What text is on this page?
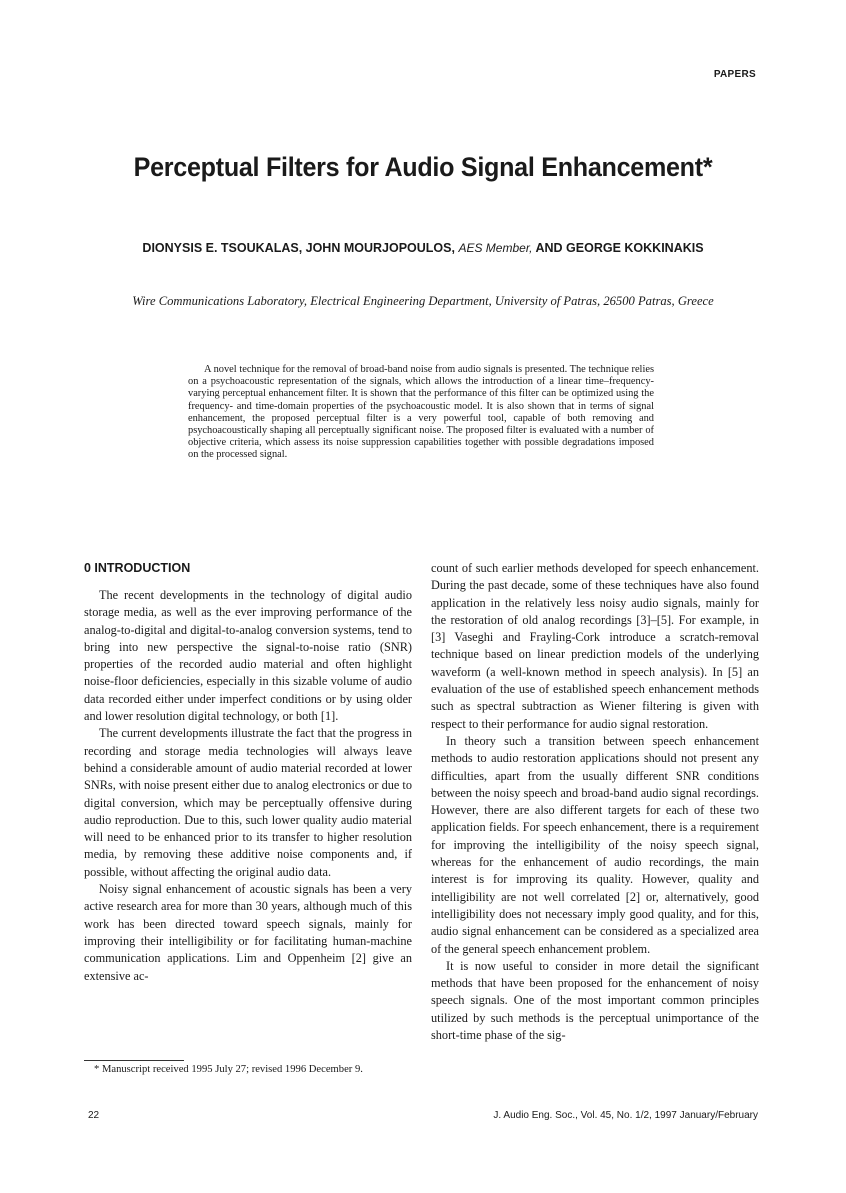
PAPERS
Perceptual Filters for Audio Signal Enhancement*
DIONYSIS E. TSOUKALAS, JOHN MOURJOPOULOS, AES Member, AND GEORGE KOKKINAKIS
Wire Communications Laboratory, Electrical Engineering Department, University of Patras, 26500 Patras, Greece

A novel technique for the removal of broad-band noise from audio signals is presented. The technique relies on a psychoacoustic representation of the signals, which allows the introduction of a linear time–frequency-varying perceptual enhancement filter. It is shown that the performance of this filter can be optimized using the frequency- and time-domain properties of the psychoacoustic model. It is also shown that in terms of signal enhancement, the proposed perceptual filter is a very powerful tool, capable of both removing and psychoacoustically shaping all perceptually significant noise. The proposed filter is evaluated with a number of objective criteria, which assess its noise suppression capabilities together with possible degradations imposed on the processed signal.

0 INTRODUCTION

The recent developments in the technology of digital audio storage media, as well as the ever improving performance of the analog-to-digital and digital-to-analog conversion systems, tend to bring into new perspective the signal-to-noise ratio (SNR) properties of the recorded audio material and often highlight noise-floor deficiencies, especially in this sizable volume of audio data recorded either under imperfect conditions or by using older and lower resolution digital technology, or both [1].

The current developments illustrate the fact that the progress in recording and storage media technologies will always leave behind a considerable amount of audio material recorded at lower SNRs, with noise present either due to analog electronics or due to digital conversion, which may be perceptually offensive during audio reproduction. Due to this, such lower quality audio material will need to be enhanced prior to its transfer to higher resolution media, by removing these additive noise components and, if possible, without affecting the original audio data.

Noisy signal enhancement of acoustic signals has been a very active research area for more than 30 years, although much of this work has been directed toward speech signals, mainly for improving their intelligibility or for facilitating human-machine communication applications. Lim and Oppenheim [2] give an extensive ac-

count of such earlier methods developed for speech enhancement. During the past decade, some of these techniques have also found application in the relatively less noisy audio signals, mainly for the restoration of old analog recordings [3]–[5]. For example, in [3] Vaseghi and Frayling-Cork introduce a scratch-removal technique based on linear prediction models of the underlying waveform (a well-known method in speech analysis). In [5] an evaluation of the use of established speech enhancement methods such as spectral subtraction as Wiener filtering is given with respect to their performance for audio signal restoration.

In theory such a transition between speech enhancement methods to audio restoration applications should not present any difficulties, apart from the usually different SNR conditions between the noisy speech and broad-band audio signal recordings. However, there are also different targets for each of these two application fields. For speech enhancement, there is a requirement for improving the intelligibility of the noisy speech signal, whereas for the enhancement of audio recordings, the main interest is for improving its quality. However, quality and intelligibility are not well correlated [2] or, alternatively, good intelligibility does not necessary imply good quality, and for this, audio signal enhancement can be considered as a specialized area of the general speech enhancement problem.

It is now useful to consider in more detail the significant methods that have been proposed for the enhancement of noisy speech signals. One of the most important common principles utilized by such methods is the perceptual unimportance of the short-time phase of the sig-

* Manuscript received 1995 July 27; revised 1996 December 9.

22	J. Audio Eng. Soc., Vol. 45, No. 1/2, 1997 January/February
